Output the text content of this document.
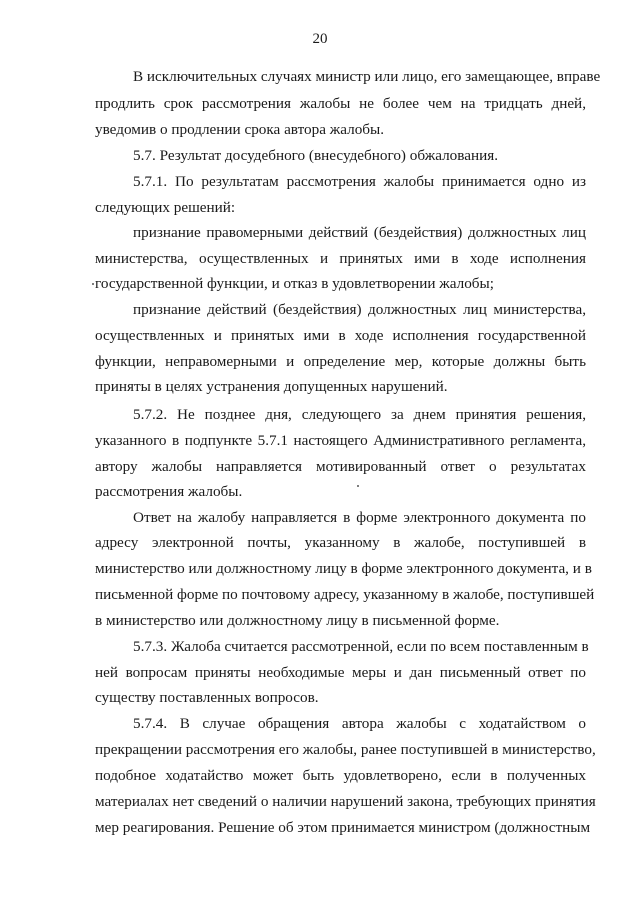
20
В исключительных случаях министр или лицо, его замещающее, вправе
продлить срок рассмотрения жалобы не более чем на тридцать дней,
уведомив о продлении срока автора жалобы.
5.7. Результат досудебного (внесудебного) обжалования.
5.7.1. По результатам рассмотрения жалобы принимается одно из
следующих решений:
признание правомерными действий (бездействия) должностных лиц
министерства, осуществленных и принятых ими в ходе исполнения
государственной функции, и отказ в удовлетворении жалобы;
признание действий (бездействия) должностных лиц министерства,
осуществленных и принятых ими в ходе исполнения государственной
функции, неправомерными и определение мер, которые должны быть
приняты в целях устранения допущенных нарушений.
5.7.2. Не позднее дня, следующего за днем принятия решения,
указанного в подпункте 5.7.1 настоящего Административного регламента,
автору жалобы направляется мотивированный ответ о результатах
рассмотрения жалобы.
Ответ на жалобу направляется в форме электронного документа по
адресу электронной почты, указанному в жалобе, поступившей в
министерство или должностному лицу в форме электронного документа, и в
письменной форме по почтовому адресу, указанному в жалобе, поступившей
в министерство или должностному лицу в письменной форме.
5.7.3. Жалоба считается рассмотренной, если по всем поставленным в
ней вопросам приняты необходимые меры и дан письменный ответ по
существу поставленных вопросов.
5.7.4. В случае обращения автора жалобы с ходатайством о
прекращении рассмотрения его жалобы, ранее поступившей в министерство,
подобное ходатайство может быть удовлетворено, если в полученных
материалах нет сведений о наличии нарушений закона, требующих принятия
мер реагирования. Решение об этом принимается министром (должностным
